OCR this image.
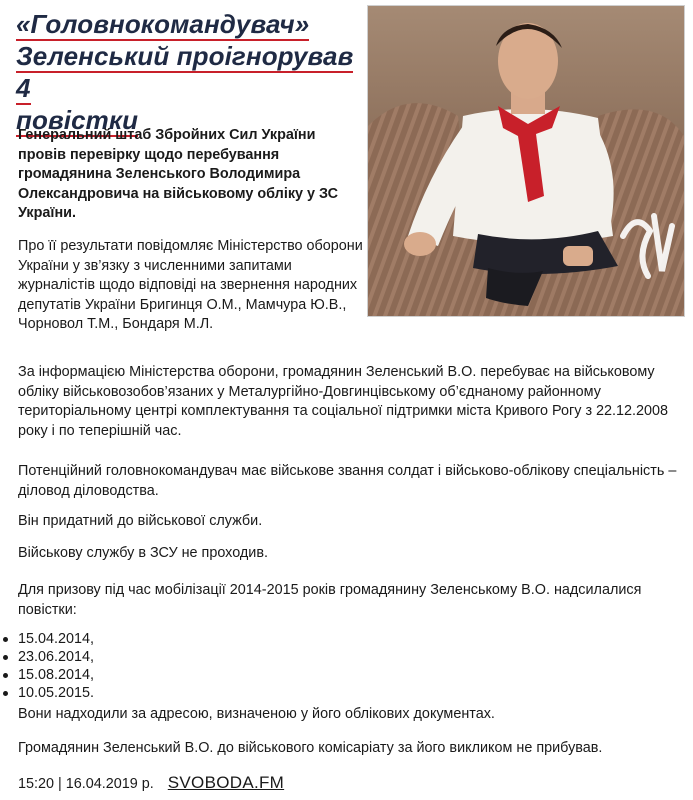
«Головнокомандувач»
Зеленський проігнорував 4
повістки

Генеральний штаб Збройних Сил України провів перевірку щодо перебування громадянина Зеленського Володимира Олександровича на військовому обліку у ЗС України.

Про її результати повідомляє Міністерство оборони України у зв’язку з численними запитами журналістів щодо відповіді на звернення народних депутатів України Бригинця О.М., Мамчура Ю.В., Чорновол Т.М., Бондаря М.Л.

За інформацією Міністерства оборони, громадянин Зеленський В.О. перебуває на військовому обліку військовозобов’язаних у Металургійно-Довгинцівському об’єднаному районному територіальному центрі комплектування та соціальної підтримки міста Кривого Рогу з 22.12.2008 року і по теперішній час.

Потенційний головнокомандувач має військове звання солдат і військово-облікову спеціальність – діловод діловодства.

Він придатний до військової служби.

Військову службу в ЗСУ не проходив.

Для призову під час мобілізації 2014-2015 років громадянину Зеленському В.О. надсилалися повістки:

15.04.2014,
23.06.2014,
15.08.2014,
10.05.2015.

Вони надходили за адресою, визначеною у його облікових документах.

Громадянин Зеленський В.О. до військового комісаріату за його викликом не прибував.

15:20 | 16.04.2019 р. SVOBODA.FM
